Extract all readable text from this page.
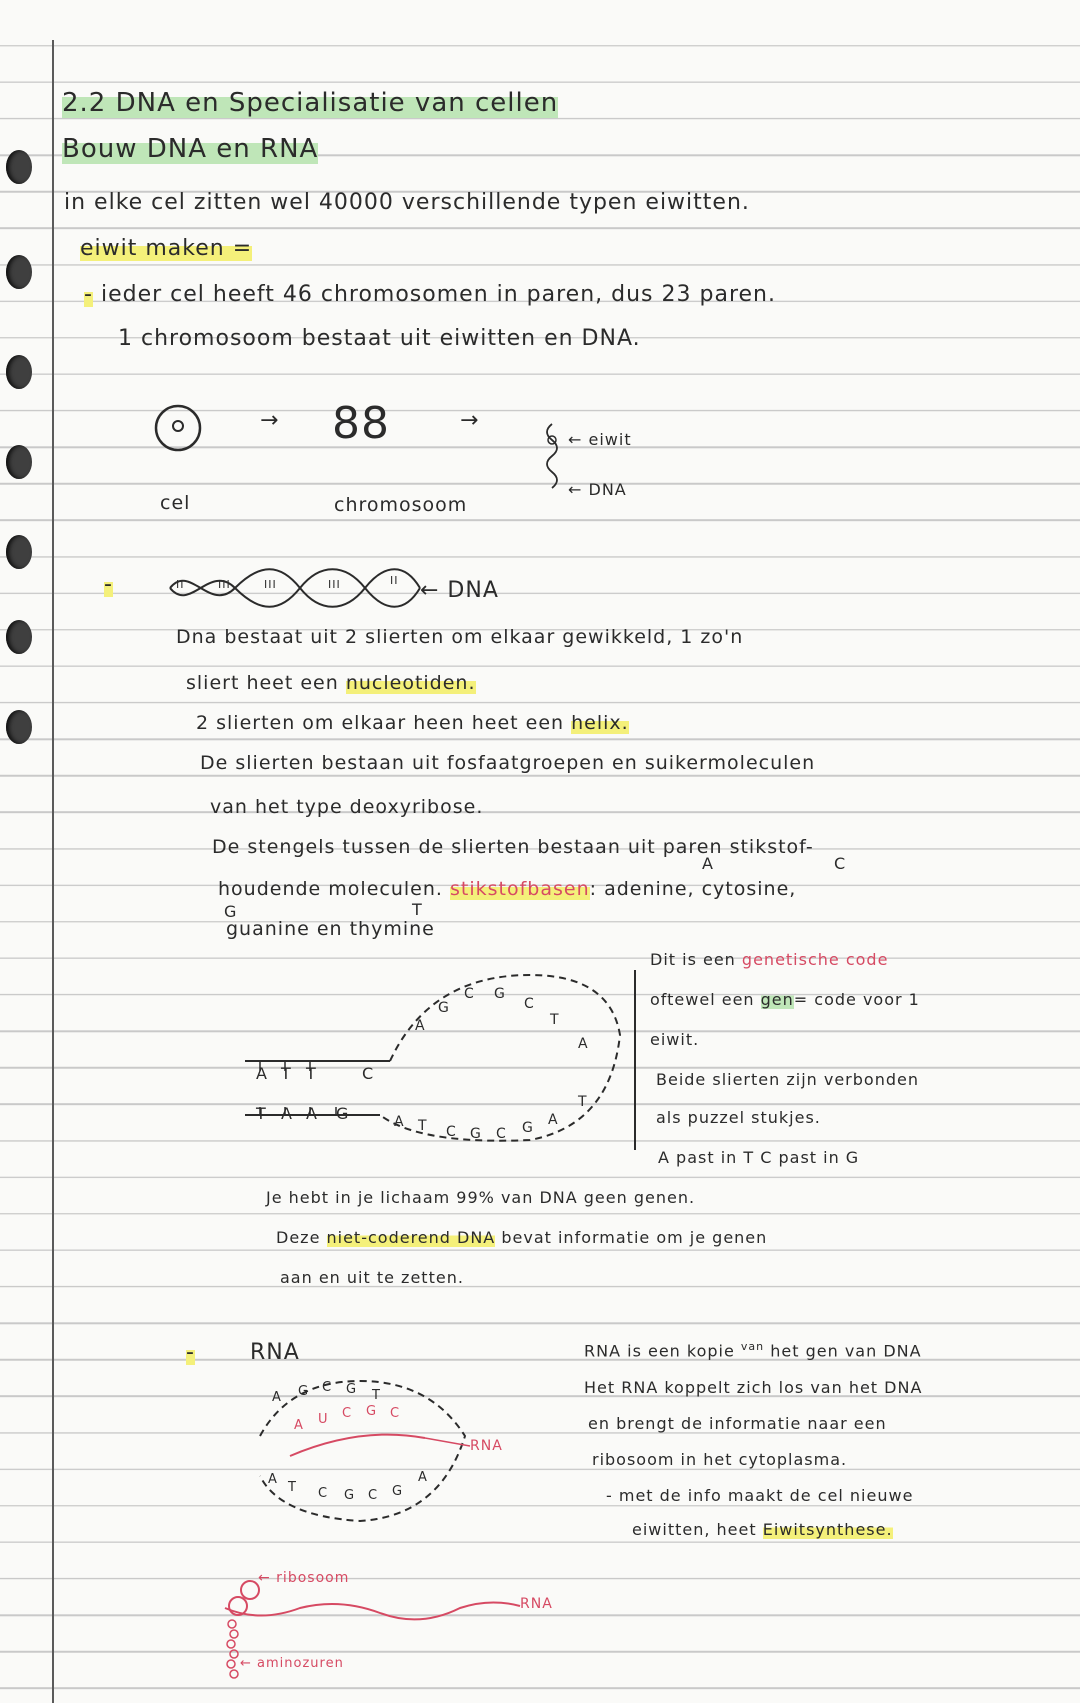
2.2 DNA en Specialisatie van cellen
Bouw DNA en RNA
in elke cel zitten wel 40000 verschillende typen eiwitten.
eiwit maken =
- ieder cel heeft 46 chromosomen in paren, dus 23 paren.
1 chromosoom bestaat uit eiwitten en DNA.
cel
→ 88
chromosoom
→
← eiwit
← DNA
-	II	III	III	III	II ← DNA
Dna bestaat uit 2 slierten om elkaar gewikkeld, 1 zo'n
sliert heet een nucleotiden.
2 slierten om elkaar heen heet een helix.
De slierten bestaan uit fosfaatgroepen en suikermoleculen
van het type deoxyribose.
De stengels tussen de slierten bestaan uit paren stikstof-
A	C
houdende moleculen. stikstofbasen: adenine, cytosine,
G	T
guanine en thymine
A T T	C
T A A G
A
G
C G
C
T
A
A T C G C G A
T
Dit is een genetische code
oftewel een gen= code voor 1
eiwit.
Beide slierten zijn verbonden
als puzzel stukjes.
A past in T C past in G
Je hebt in je lichaam 99% van DNA geen genen.
Deze niet-coderend DNA bevat informatie om je genen
aan en uit te zetten.
-	RNA
A G C G T
A U C G C
RNA
A
T C G C G
A
RNA is een kopie $^{van}$ het gen van DNA
Het RNA koppelt zich los van het DNA
en brengt de informatie naar een
ribosoom in het cytoplasma.
- met de info maakt de cel nieuwe
eiwitten, heet Eiwitsynthese.
← ribosoom
RNA
← aminozuren
